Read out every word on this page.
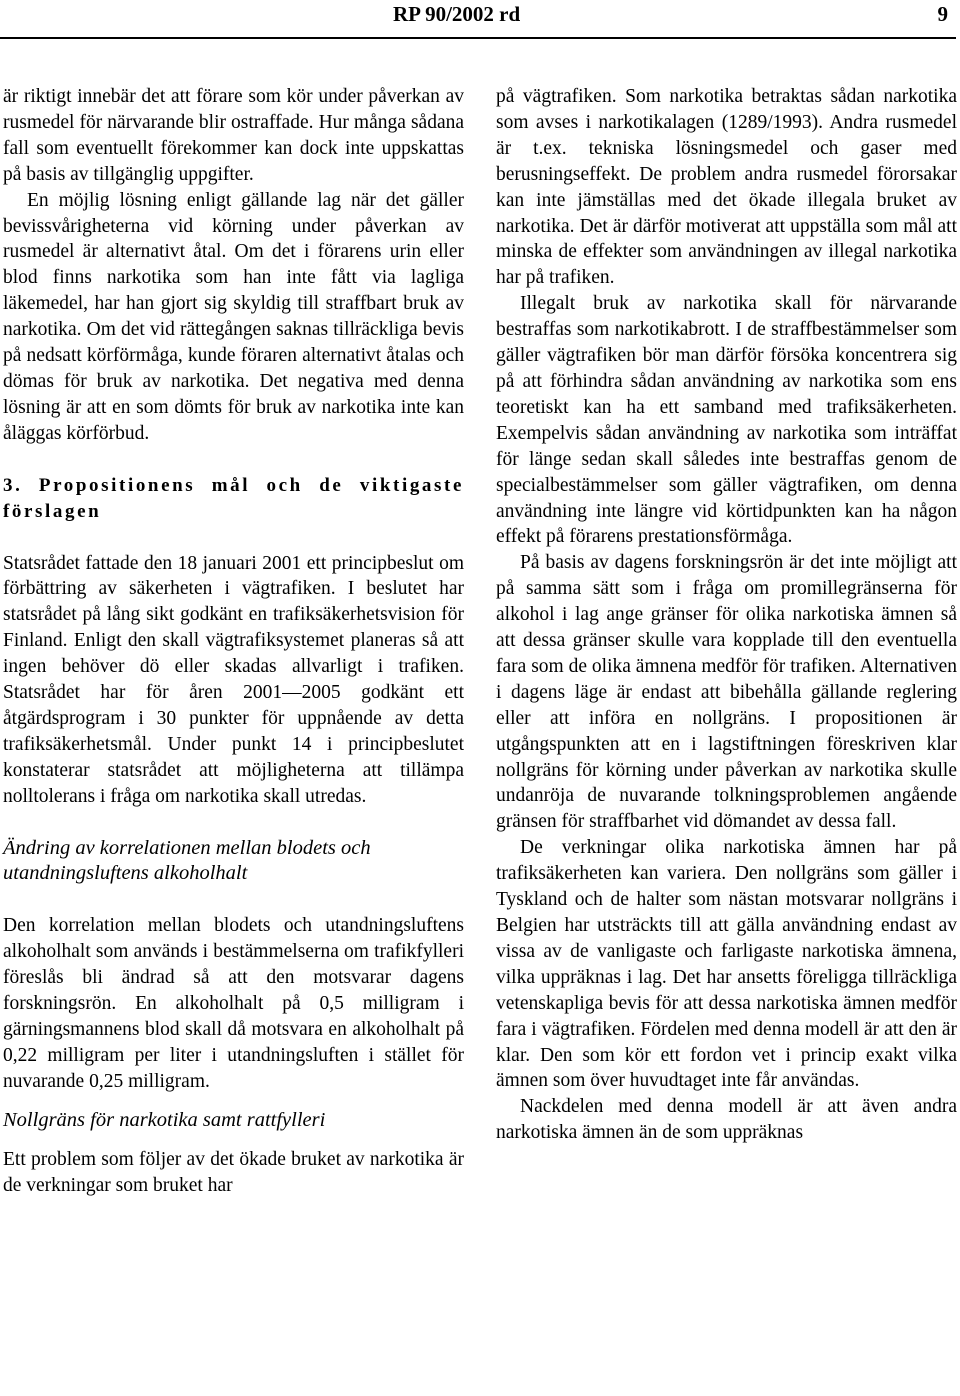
RP 90/2002 rd	9

är riktigt innebär det att förare som kör under påverkan av rusmedel för närvarande blir ostraffade. Hur många sådana fall som eventuellt förekommer kan dock inte uppskattas på basis av tillgänglig uppgifter.

En möjlig lösning enligt gällande lag när det gäller bevissvårigheterna vid körning under påverkan av rusmedel är alternativt åtal. Om det i förarens urin eller blod finns narkotika som han inte fått via lagliga läkemedel, har han gjort sig skyldig till straffbart bruk av narkotika. Om det vid rättegången saknas tillräckliga bevis på nedsatt körförmåga, kunde föraren alternativt åtalas och dömas för bruk av narkotika. Det negativa med denna lösning är att en som dömts för bruk av narkotika inte kan åläggas körförbud.

3. Propositionens mål och de viktigaste förslagen

Statsrådet fattade den 18 januari 2001 ett principbeslut om förbättring av säkerheten i vägtrafiken. I beslutet har statsrådet på lång sikt godkänt en trafiksäkerhetsvision för Finland. Enligt den skall vägtrafiksystemet planeras så att ingen behöver dö eller skadas allvarligt i trafiken. Statsrådet har för åren 2001—2005 godkänt ett åtgärdsprogram i 30 punkter för uppnående av detta trafiksäkerhetsmål. Under punkt 14 i principbeslutet konstaterar statsrådet att möjligheterna att tillämpa nolltolerans i fråga om narkotika skall utredas.

Ändring av korrelationen mellan blodets och utandningsluftens alkoholhalt

Den korrelation mellan blodets och utandningsluftens alkoholhalt som används i bestämmelserna om trafikfylleri föreslås bli ändrad så att den motsvarar dagens forskningsrön. En alkoholhalt på 0,5 milligram i gärningsmannens blod skall då motsvara en alkoholhalt på 0,22 milligram per liter i utandningsluften i stället för nuvarande 0,25 milligram.

Nollgräns för narkotika samt rattfylleri

Ett problem som följer av det ökade bruket av narkotika är de verkningar som bruket har

på vägtrafiken. Som narkotika betraktas sådan narkotika som avses i narkotikalagen (1289/1993). Andra rusmedel är t.ex. tekniska lösningsmedel och gaser med berusningseffekt. De problem andra rusmedel förorsakar kan inte jämställas med det ökade illegala bruket av narkotika. Det är därför motiverat att uppställa som mål att minska de effekter som användningen av illegal narkotika har på trafiken.

Illegalt bruk av narkotika skall för närvarande bestraffas som narkotikabrott. I de straffbestämmelser som gäller vägtrafiken bör man därför försöka koncentrera sig på att förhindra sådan användning av narkotika som ens teoretiskt kan ha ett samband med trafiksäkerheten. Exempelvis sådan användning av narkotika som inträffat för länge sedan skall således inte bestraffas genom de specialbestämmelser som gäller vägtrafiken, om denna användning inte längre vid körtidpunkten kan ha någon effekt på förarens prestationsförmåga.

På basis av dagens forskningsrön är det inte möjligt att på samma sätt som i fråga om promillegränserna för alkohol i lag ange gränser för olika narkotiska ämnen så att dessa gränser skulle vara kopplade till den eventuella fara som de olika ämnena medför för trafiken. Alternativen i dagens läge är endast att bibehålla gällande reglering eller att införa en nollgräns. I propositionen är utgångspunkten att en i lagstiftningen föreskriven klar nollgräns för körning under påverkan av narkotika skulle undanröja de nuvarande tolkningsproblemen angående gränsen för straffbarhet vid dömandet av dessa fall.

De verkningar olika narkotiska ämnen har på trafiksäkerheten kan variera. Den nollgräns som gäller i Tyskland och de halter som nästan motsvarar nollgräns i Belgien har utsträckts till att gälla användning endast av vissa av de vanligaste och farligaste narkotiska ämnena, vilka uppräknas i lag. Det har ansetts föreligga tillräckliga vetenskapliga bevis för att dessa narkotiska ämnen medför fara i vägtrafiken. Fördelen med denna modell är att den är klar. Den som kör ett fordon vet i princip exakt vilka ämnen som över huvudtaget inte får användas.

Nackdelen med denna modell är att även andra narkotiska ämnen än de som uppräknas
